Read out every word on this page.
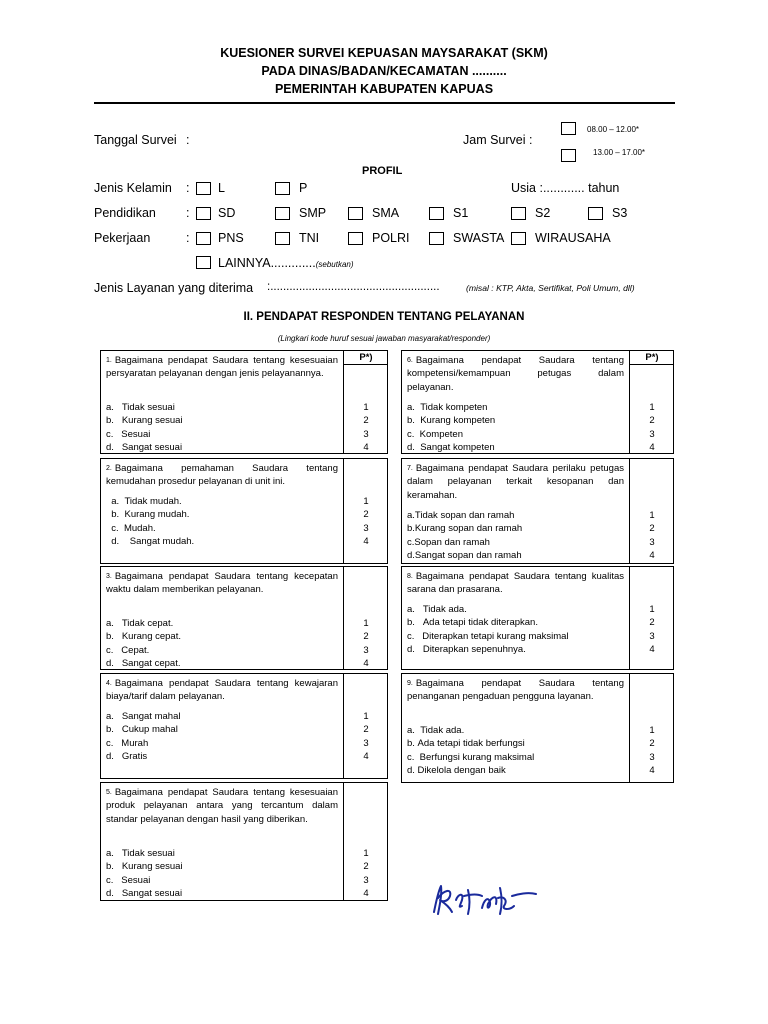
KUESIONER SURVEI KEPUASAN MAYSARAKAT (SKM)
PADA DINAS/BADAN/KECAMATAN ..........
PEMERINTAH KABUPATEN KAPUAS
Tanggal Survei :	Jam Survei :
08.00 – 12.00*
13.00 – 17.00*
PROFIL
Jenis Kelamin : L	P	Usia :............ tahun
Pendidikan : SD	SMP	SMA	S1	S2	S3
Pekerjaan	: PNS	TNI	POLRI	SWASTA WIRAUSAHA
LAINNYA.............(sebutkan)
Jenis Layanan yang diterima :.....................................................	(misal : KTP, Akta, Sertifikat, Poli Umum, dll)
II. PENDAPAT RESPONDEN TENTANG PELAYANAN
(Lingkari kode huruf sesuai jawaban masyarakat/responder)
P*)
1. Bagaimana pendapat Saudara tentang kesesuaian persyaratan pelayanan dengan jenis pelayanannya.
a.   Tidak sesuai	1
b.   Kurang sesuai	2
c.   Sesuai	3
d.   Sangat sesuai	4
2. Bagaimana pemahaman Saudara tentang kemudahan prosedur pelayanan di unit ini.
a.  Tidak mudah.	1
b.  Kurang mudah.	2
c.  Mudah.	3
d.    Sangat mudah.	4
3. Bagaimana pendapat Saudara tentang kecepatan waktu dalam memberikan pelayanan.
a.   Tidak cepat.	1
b.   Kurang cepat.	2
c.   Cepat.	3
d.   Sangat cepat.	4
4. Bagaimana pendapat Saudara tentang kewajaran biaya/tarif dalam pelayanan.
a.   Sangat mahal	1
b.   Cukup mahal	2
c.   Murah	3
d.   Gratis	4
5. Bagaimana pendapat Saudara tentang kesesuaian produk pelayanan antara yang tercantum dalam standar pelayanan dengan hasil yang diberikan.
a.   Tidak sesuai	1
b.   Kurang sesuai	2
c.   Sesuai	3
d.   Sangat sesuai	4
P*)
6. Bagaimana pendapat Saudara tentang kompetensi/kemampuan petugas dalam pelayanan.
a.  Tidak kompeten	1
b.  Kurang kompeten	2
c.  Kompeten	3
d.  Sangat kompeten	4
7. Bagaimana pendapat Saudara perilaku petugas dalam pelayanan terkait kesopanan dan keramahan.
a.Tidak sopan dan ramah	1
b.Kurang sopan dan ramah	2
c.Sopan dan ramah	3
d.Sangat sopan dan ramah	4
8. Bagaimana pendapat Saudara tentang kualitas sarana dan prasarana.
a.   Tidak ada.	1
b.   Ada tetapi tidak diterapkan.	2
c.   Diterapkan tetapi kurang maksimal	3
d.   Diterapkan sepenuhnya.	4
9. Bagaimana pendapat Saudara tentang penanganan pengaduan pengguna layanan.
a.  Tidak ada.	1
b. Ada tetapi tidak berfungsi	2
c.  Berfungsi kurang maksimal	3
d. Dikelola dengan baik	4
